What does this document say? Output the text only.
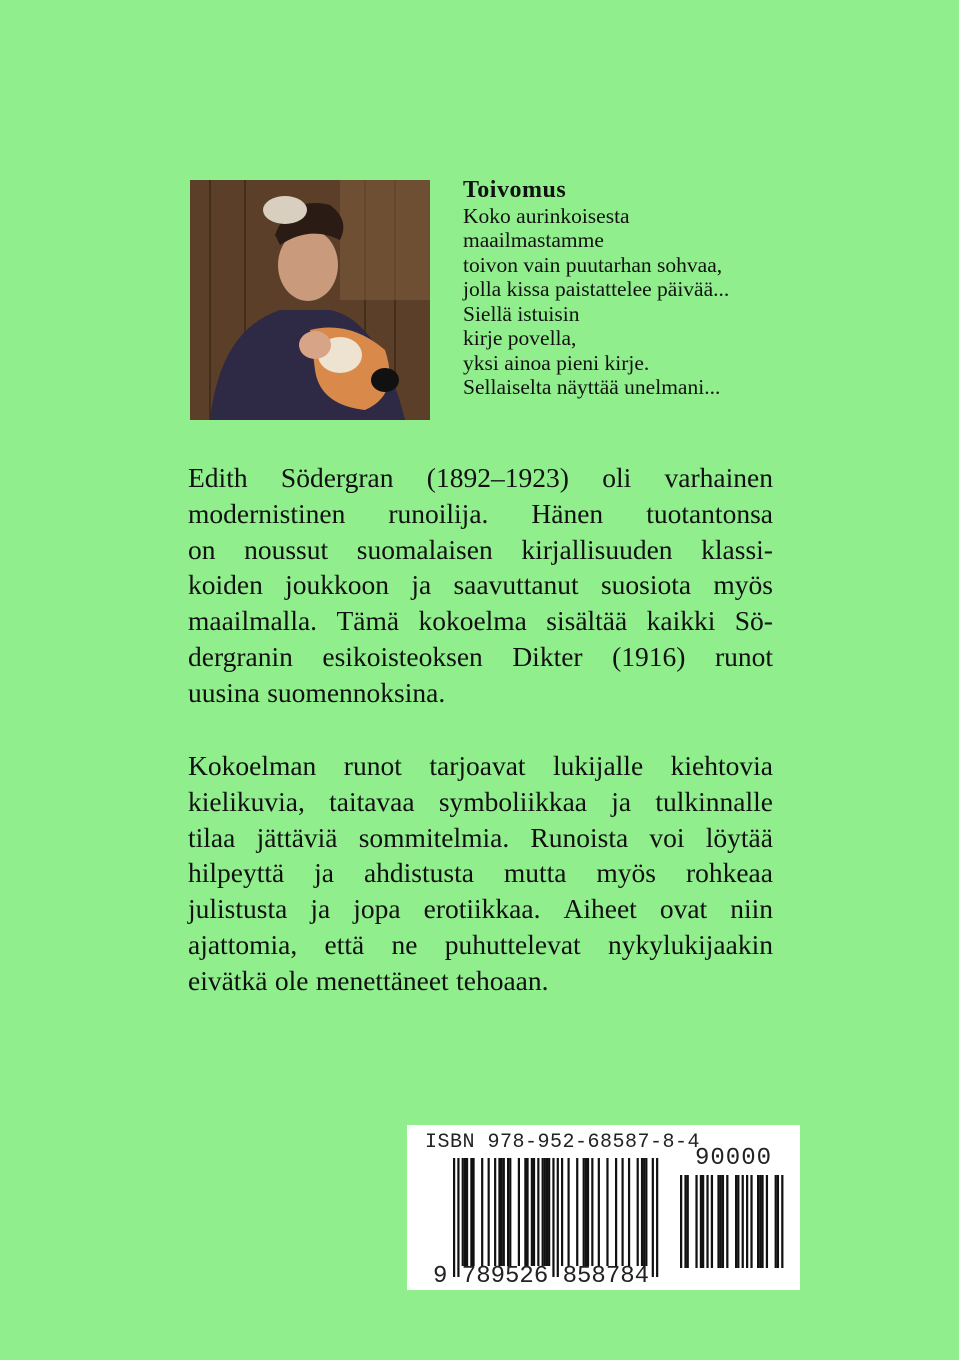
Toivomus
Koko aurinkoisesta
maailmastamme
toivon vain puutarhan sohvaa,
jolla kissa paistattelee päivää...
Siellä istuisin
kirje povella,
yksi ainoa pieni kirje.
Sellaiselta näyttää unelmani...
Edith Södergran (1892–1923) oli varhainen
modernistinen runoilija. Hänen tuotantonsa
on noussut suomalaisen kirjallisuuden klassi-
koiden joukkoon ja saavuttanut suosiota myös
maailmalla. Tämä kokoelma sisältää kaikki Sö-
dergranin esikoisteoksen Dikter (1916) runot
uusina suomennoksina.
Kokoelman runot tarjoavat lukijalle kiehtovia
kielikuvia, taitavaa symboliikkaa ja tulkinnalle
tilaa jättäviä sommitelmia. Runoista voi löytää
hilpeyttä ja ahdistusta mutta myös rohkeaa
julistusta ja jopa erotiikkaa. Aiheet ovat niin
ajattomia, että ne puhuttelevat nykylukijaakin
eivätkä ole menettäneet tehoaan.
ISBN 978-952-68587-8-4
90000
9 789526 858784
